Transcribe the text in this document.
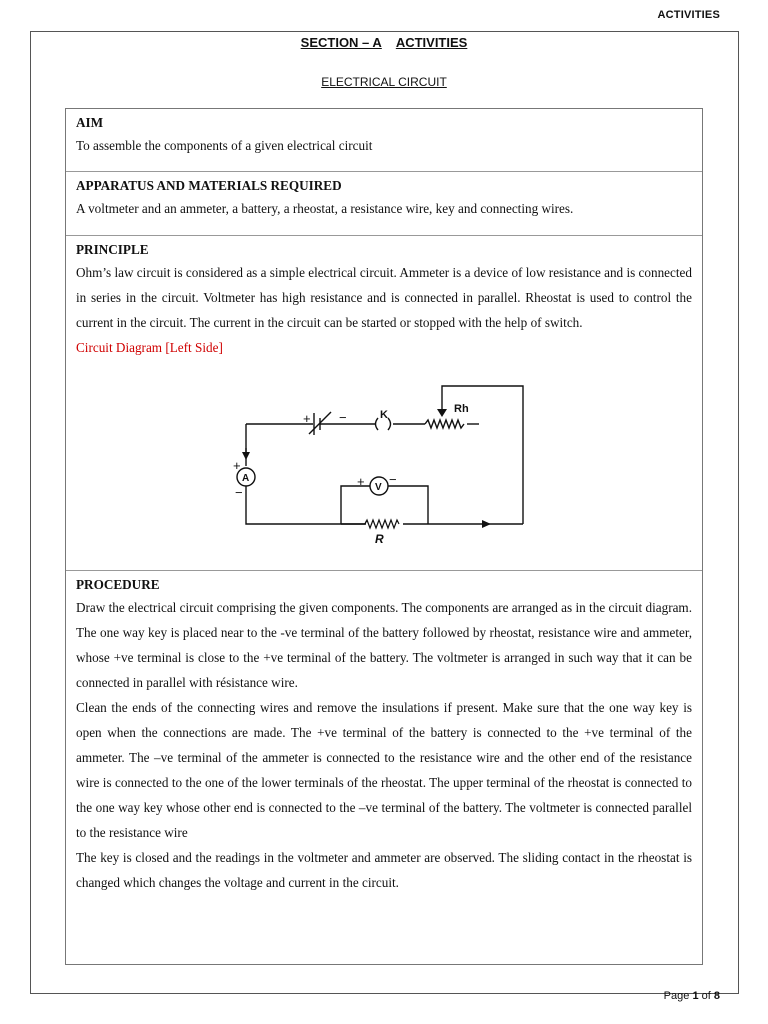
ACTIVITIES
SECTION – A ACTIVITIES
ELECTRICAL CIRCUIT
AIM

To assemble the components of a given electrical circuit

APPARATUS AND MATERIALS REQUIRED

A voltmeter and an ammeter, a battery, a rheostat, a resistance wire, key and connecting wires.

PRINCIPLE

Ohm’s law circuit is considered as a simple electrical circuit. Ammeter is a device of low resistance and is connected in series in the circuit. Voltmeter has high resistance and is connected in parallel. Rheostat is used to control the current in the circuit. The current in the circuit can be started or stopped with the help of switch.

Circuit Diagram [Left Side]
PROCEDURE

Draw the electrical circuit comprising the given components. The components are arranged as in the circuit diagram. The one way key is placed near to the -ve terminal of the battery followed by rheostat, resistance wire and ammeter, whose +ve terminal is close to the +ve terminal of the battery. The voltmeter is arranged in such way that it can be connected in parallel with résistance wire.

Clean the ends of the connecting wires and remove the insulations if present. Make sure that the one way key is open when the connections are made. The +ve terminal of the battery is connected to the +ve terminal of the ammeter. The –ve terminal of the ammeter is connected to the resistance wire and the other end of the resistance wire is connected to the one of the lower terminals of the rheostat. The upper terminal of the rheostat is connected to the one way key whose other end is connected to the –ve terminal of the battery. The voltmeter is connected parallel to the resistance wire

The key is closed and the readings in the voltmeter and ammeter are observed. The sliding contact in the rheostat is changed which changes the voltage and current in the circuit.

+ −	K	Rh
A
+
−	V
+ −
R
Page 1 of 8
